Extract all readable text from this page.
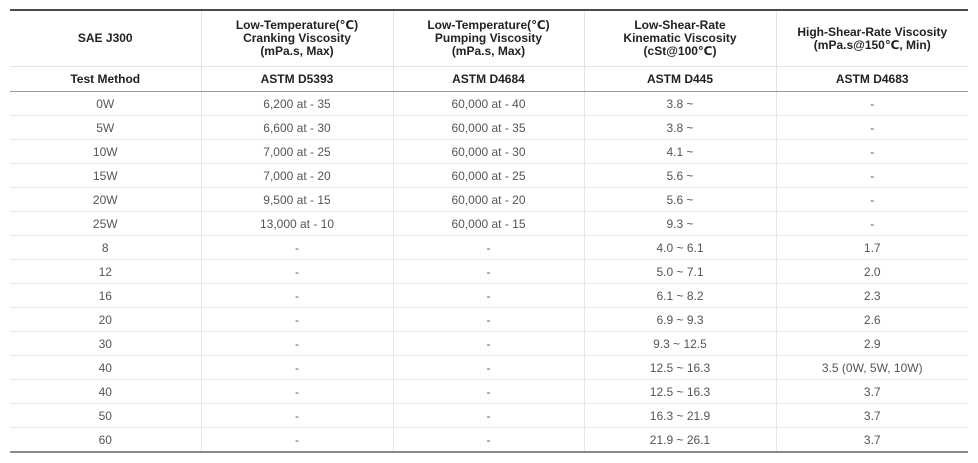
SAE J300	Low-Temperature(℃)
Cranking Viscosity
(mPa.s, Max)	Low-Temperature(℃)
Pumping Viscosity
(mPa.s, Max)	Low-Shear-Rate
Kinematic Viscosity
(cSt@100℃)	High-Shear-Rate Viscosity
(mPa.s@150℃, Min)

Test Method	ASTM D5393	ASTM D4684	ASTM D445	ASTM D4683
0W	6,200 at - 35	60,000 at - 40	3.8 ~	-
5W	6,600 at - 30	60,000 at - 35	3.8 ~	-
10W	7,000 at - 25	60,000 at - 30	4.1 ~	-
15W	7,000 at - 20	60,000 at - 25	5.6 ~	-
20W	9,500 at - 15	60,000 at - 20	5.6 ~	-
25W	13,000 at - 10	60,000 at - 15	9.3 ~	-
8	-	-	4.0 ~ 6.1	1.7
12	-	-	5.0 ~ 7.1	2.0
16	-	-	6.1 ~ 8.2	2.3
20	-	-	6.9 ~ 9.3	2.6
30	-	-	9.3 ~ 12.5	2.9
40	-	-	12.5 ~ 16.3	3.5 (0W, 5W, 10W)
40	-	-	12.5 ~ 16.3	3.7
50	-	-	16.3 ~ 21.9	3.7
60	-	-	21.9 ~ 26.1	3.7
